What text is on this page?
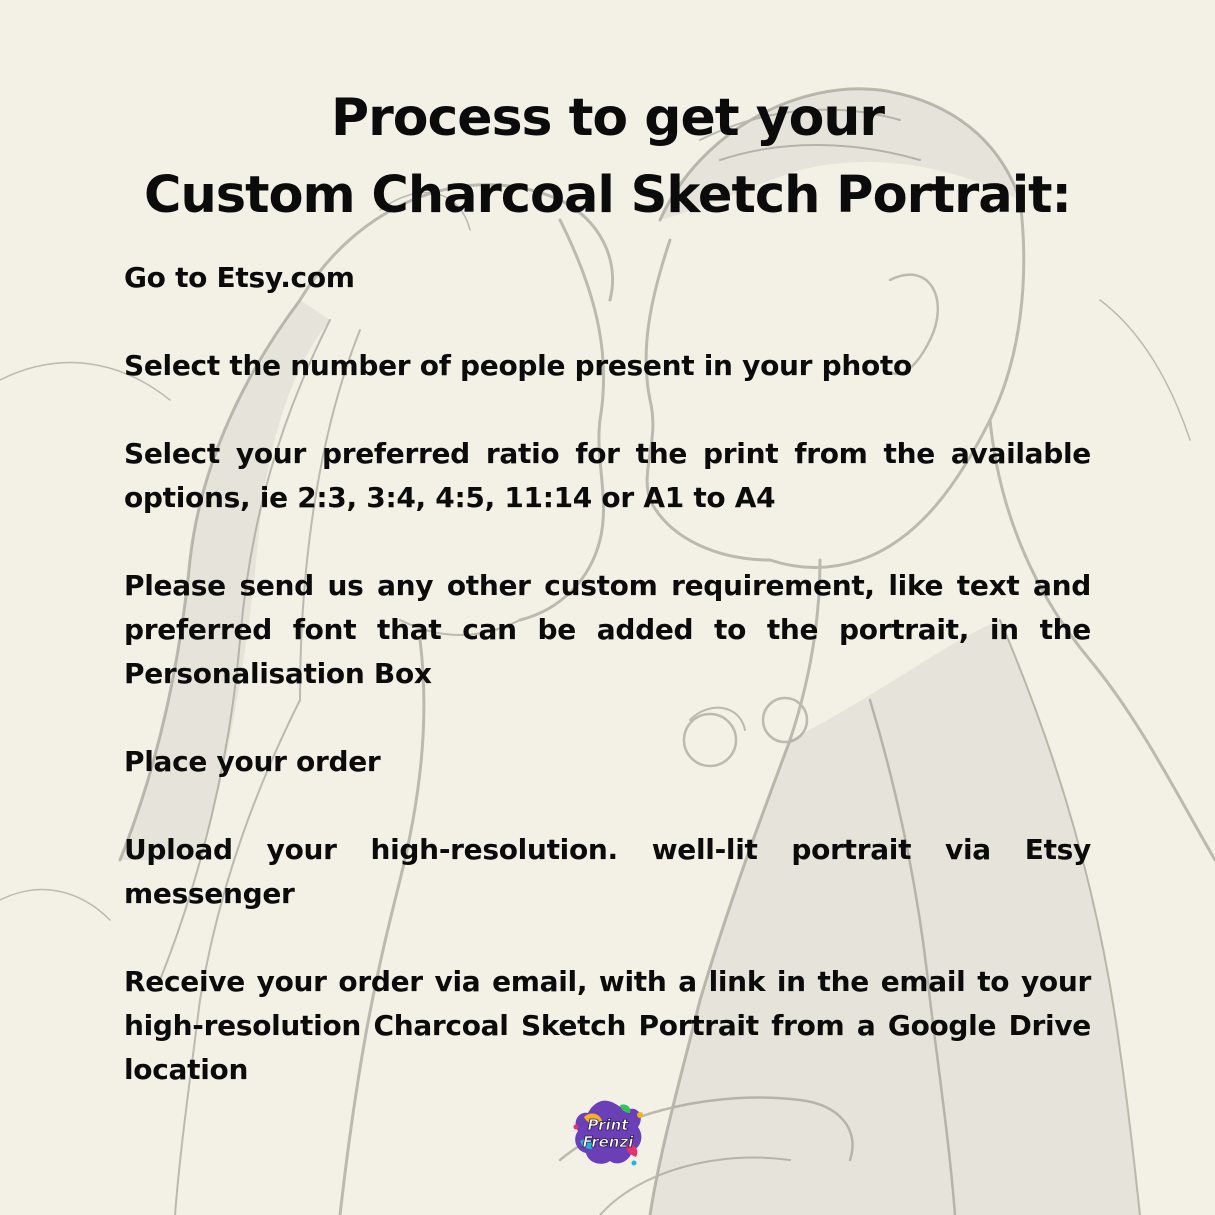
Process to get your
Custom Charcoal Sketch Portrait:
Go to Etsy.com
Select the number of people present in your photo
Select your preferred ratio for the print from the available options, ie 2:3, 3:4, 4:5, 11:14 or A1 to A4
Please send us any other custom requirement, like text and preferred font that can be added to the portrait, in the Personalisation Box
Place your order
Upload your high-resolution. well-lit portrait via Etsy messenger
Receive your order via email, with a link in the email to your high-resolution Charcoal Sketch Portrait from a Google Drive location
Print
Frenzi
